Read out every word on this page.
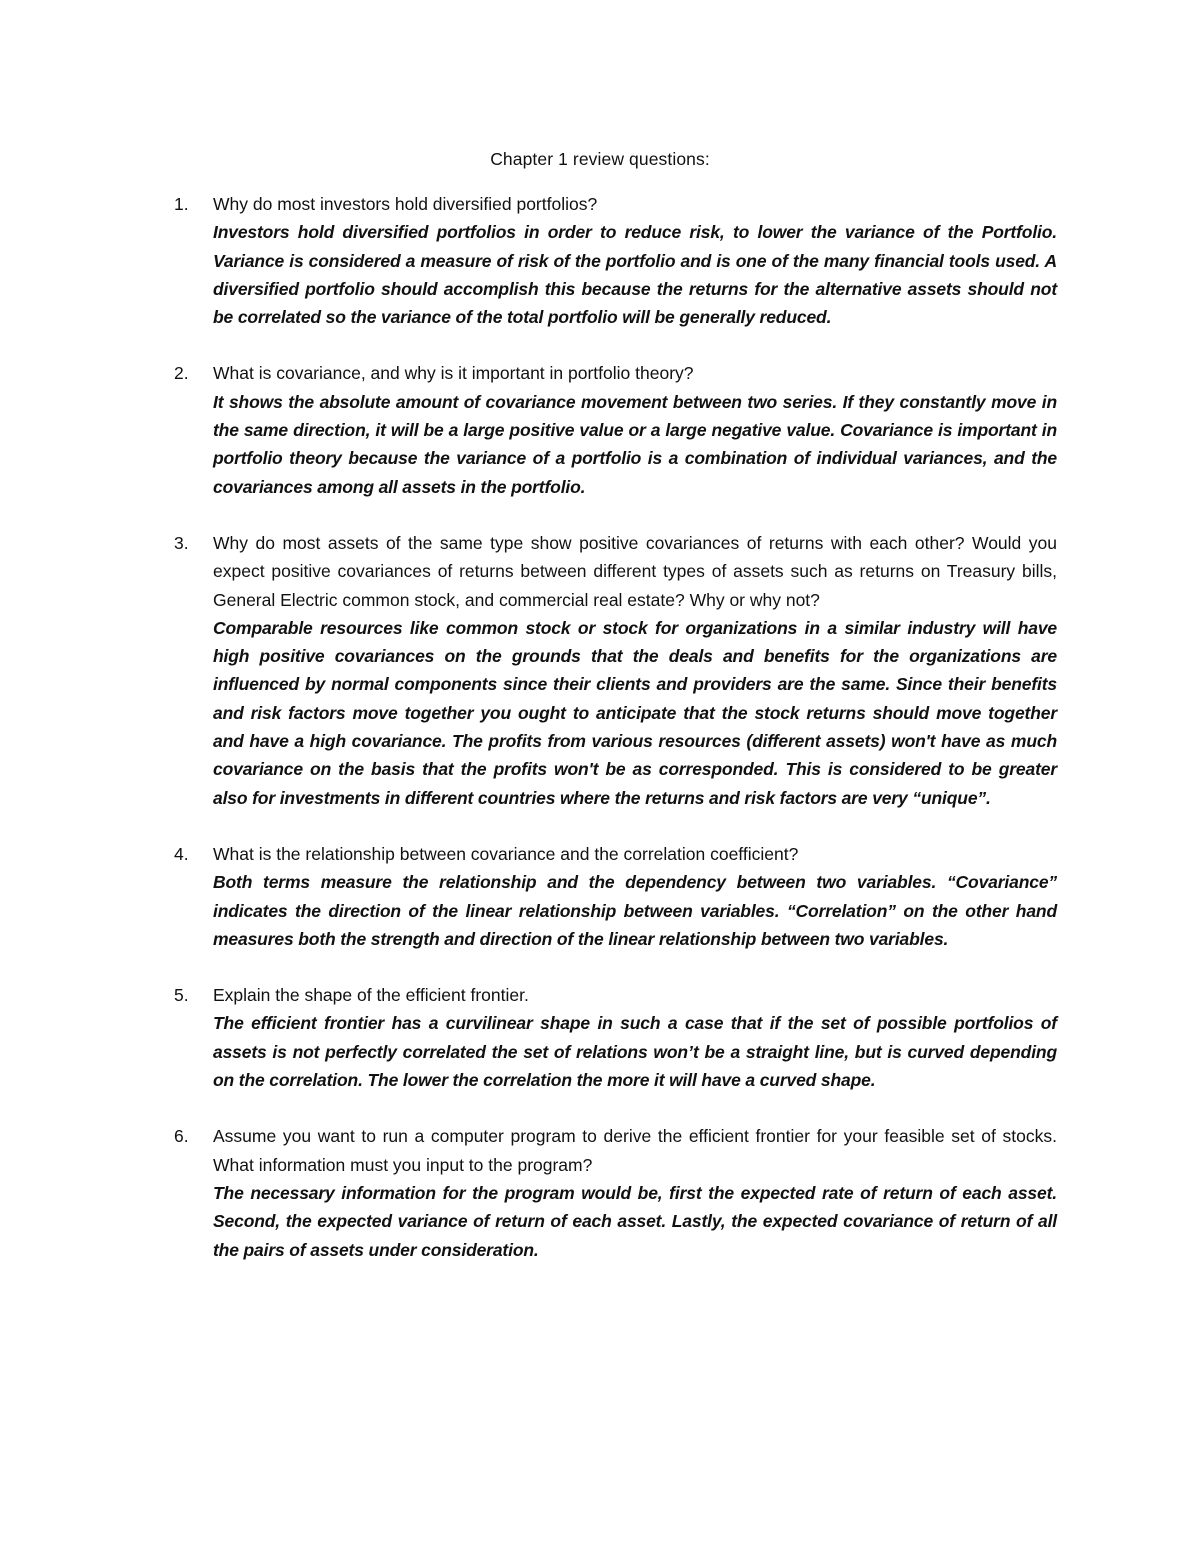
Chapter 1 review questions:
1.	Why do most investors hold diversified portfolios?
Investors hold diversified portfolios in order to reduce risk, to lower the variance of the Portfolio. Variance is considered a measure of risk of the portfolio and is one of the many financial tools used. A diversified portfolio should accomplish this because the returns for the alternative assets should not be correlated so the variance of the total portfolio will be generally reduced.
2.	What is covariance, and why is it important in portfolio theory?
It shows the absolute amount of covariance movement between two series. If they constantly move in the same direction, it will be a large positive value or a large negative value. Covariance is important in portfolio theory because the variance of a portfolio is a combination of individual variances, and the covariances among all assets in the portfolio.
3.	Why do most assets of the same type show positive covariances of returns with each other? Would you expect positive covariances of returns between different types of assets such as returns on Treasury bills, General Electric common stock, and commercial real estate? Why or why not?
Comparable resources like common stock or stock for organizations in a similar industry will have high positive covariances on the grounds that the deals and benefits for the organizations are influenced by normal components since their clients and providers are the same. Since their benefits and risk factors move together you ought to anticipate that the stock returns should move together and have a high covariance. The profits from various resources (different assets) won't have as much covariance on the basis that the profits won't be as corresponded. This is considered to be greater also for investments in different countries where the returns and risk factors are very “unique”.
4.	What is the relationship between covariance and the correlation coefficient?
Both terms measure the relationship and the dependency between two variables. “Covariance” indicates the direction of the linear relationship between variables. “Correlation” on the other hand measures both the strength and direction of the linear relationship between two variables.
5.	Explain the shape of the efficient frontier.
The efficient frontier has a curvilinear shape in such a case that if the set of possible portfolios of assets is not perfectly correlated the set of relations won’t be a straight line, but is curved depending on the correlation. The lower the correlation the more it will have a curved shape.
6.	Assume you want to run a computer program to derive the efficient frontier for your feasible set of stocks. What information must you input to the program?
The necessary information for the program would be, first the expected rate of return of each asset. Second, the expected variance of return of each asset. Lastly, the expected covariance of return of all the pairs of assets under consideration.
